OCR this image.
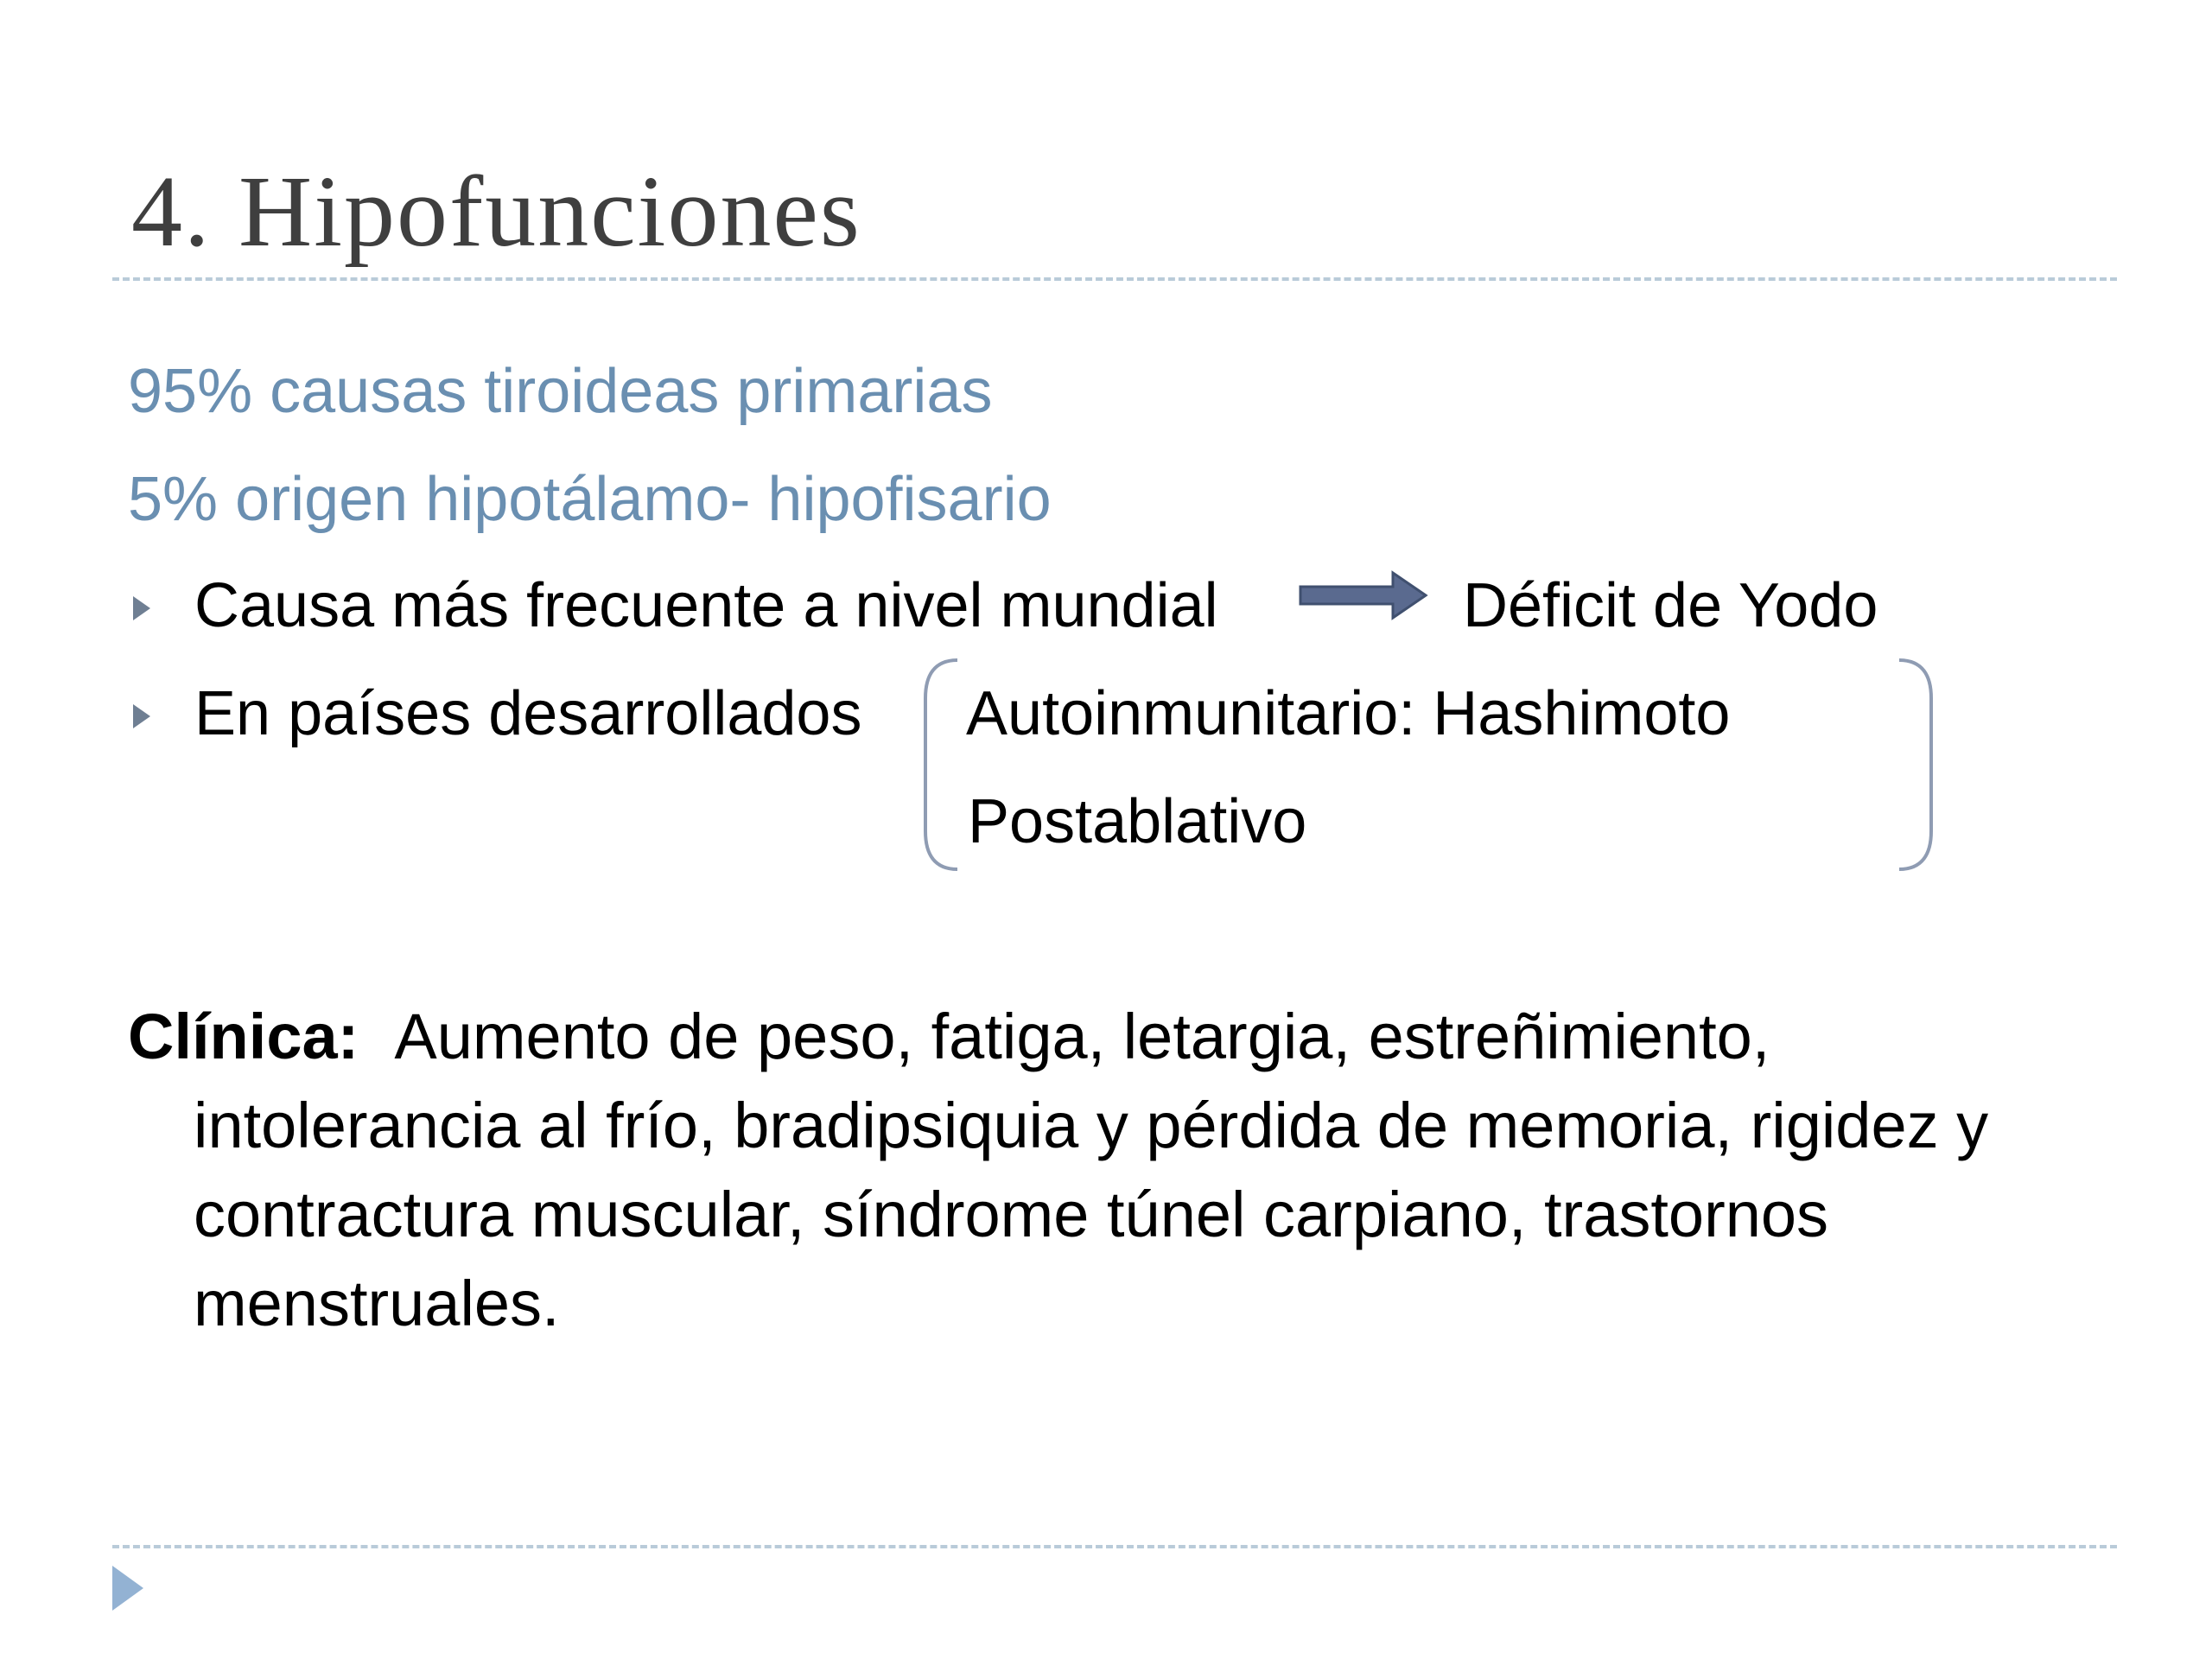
4. Hipofunciones
95% causas tiroideas primarias
5% origen hipotálamo- hipofisario
Causa más frecuente a nivel mundial	Déficit de Yodo
En países desarrollados Autoinmunitario: Hashimoto
Postablativo

Clínica: Aumento de peso, fatiga, letargia, estreñimiento, intolerancia al frío, bradipsiquia y pérdida de memoria, rigidez y contractura muscular, síndrome túnel carpiano, trastornos menstruales.
